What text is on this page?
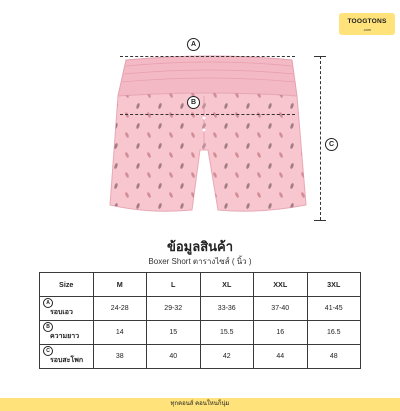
TOOGTONS
.com
A
B
C
ข้อมูลสินค้า
Boxer Short ตารางไซส์ ( นิ้ว )
Size	M	L	XL	XXL	3XL

A
รอบเอว	24-28	29-32	33-36	37-40	41-45

B
ความยาว	14	15	15.5	16	16.5

C
รอบสะโพก	38	40	42	44	48
ทุกคอนส์ คอนใหนก็นุ่ม
